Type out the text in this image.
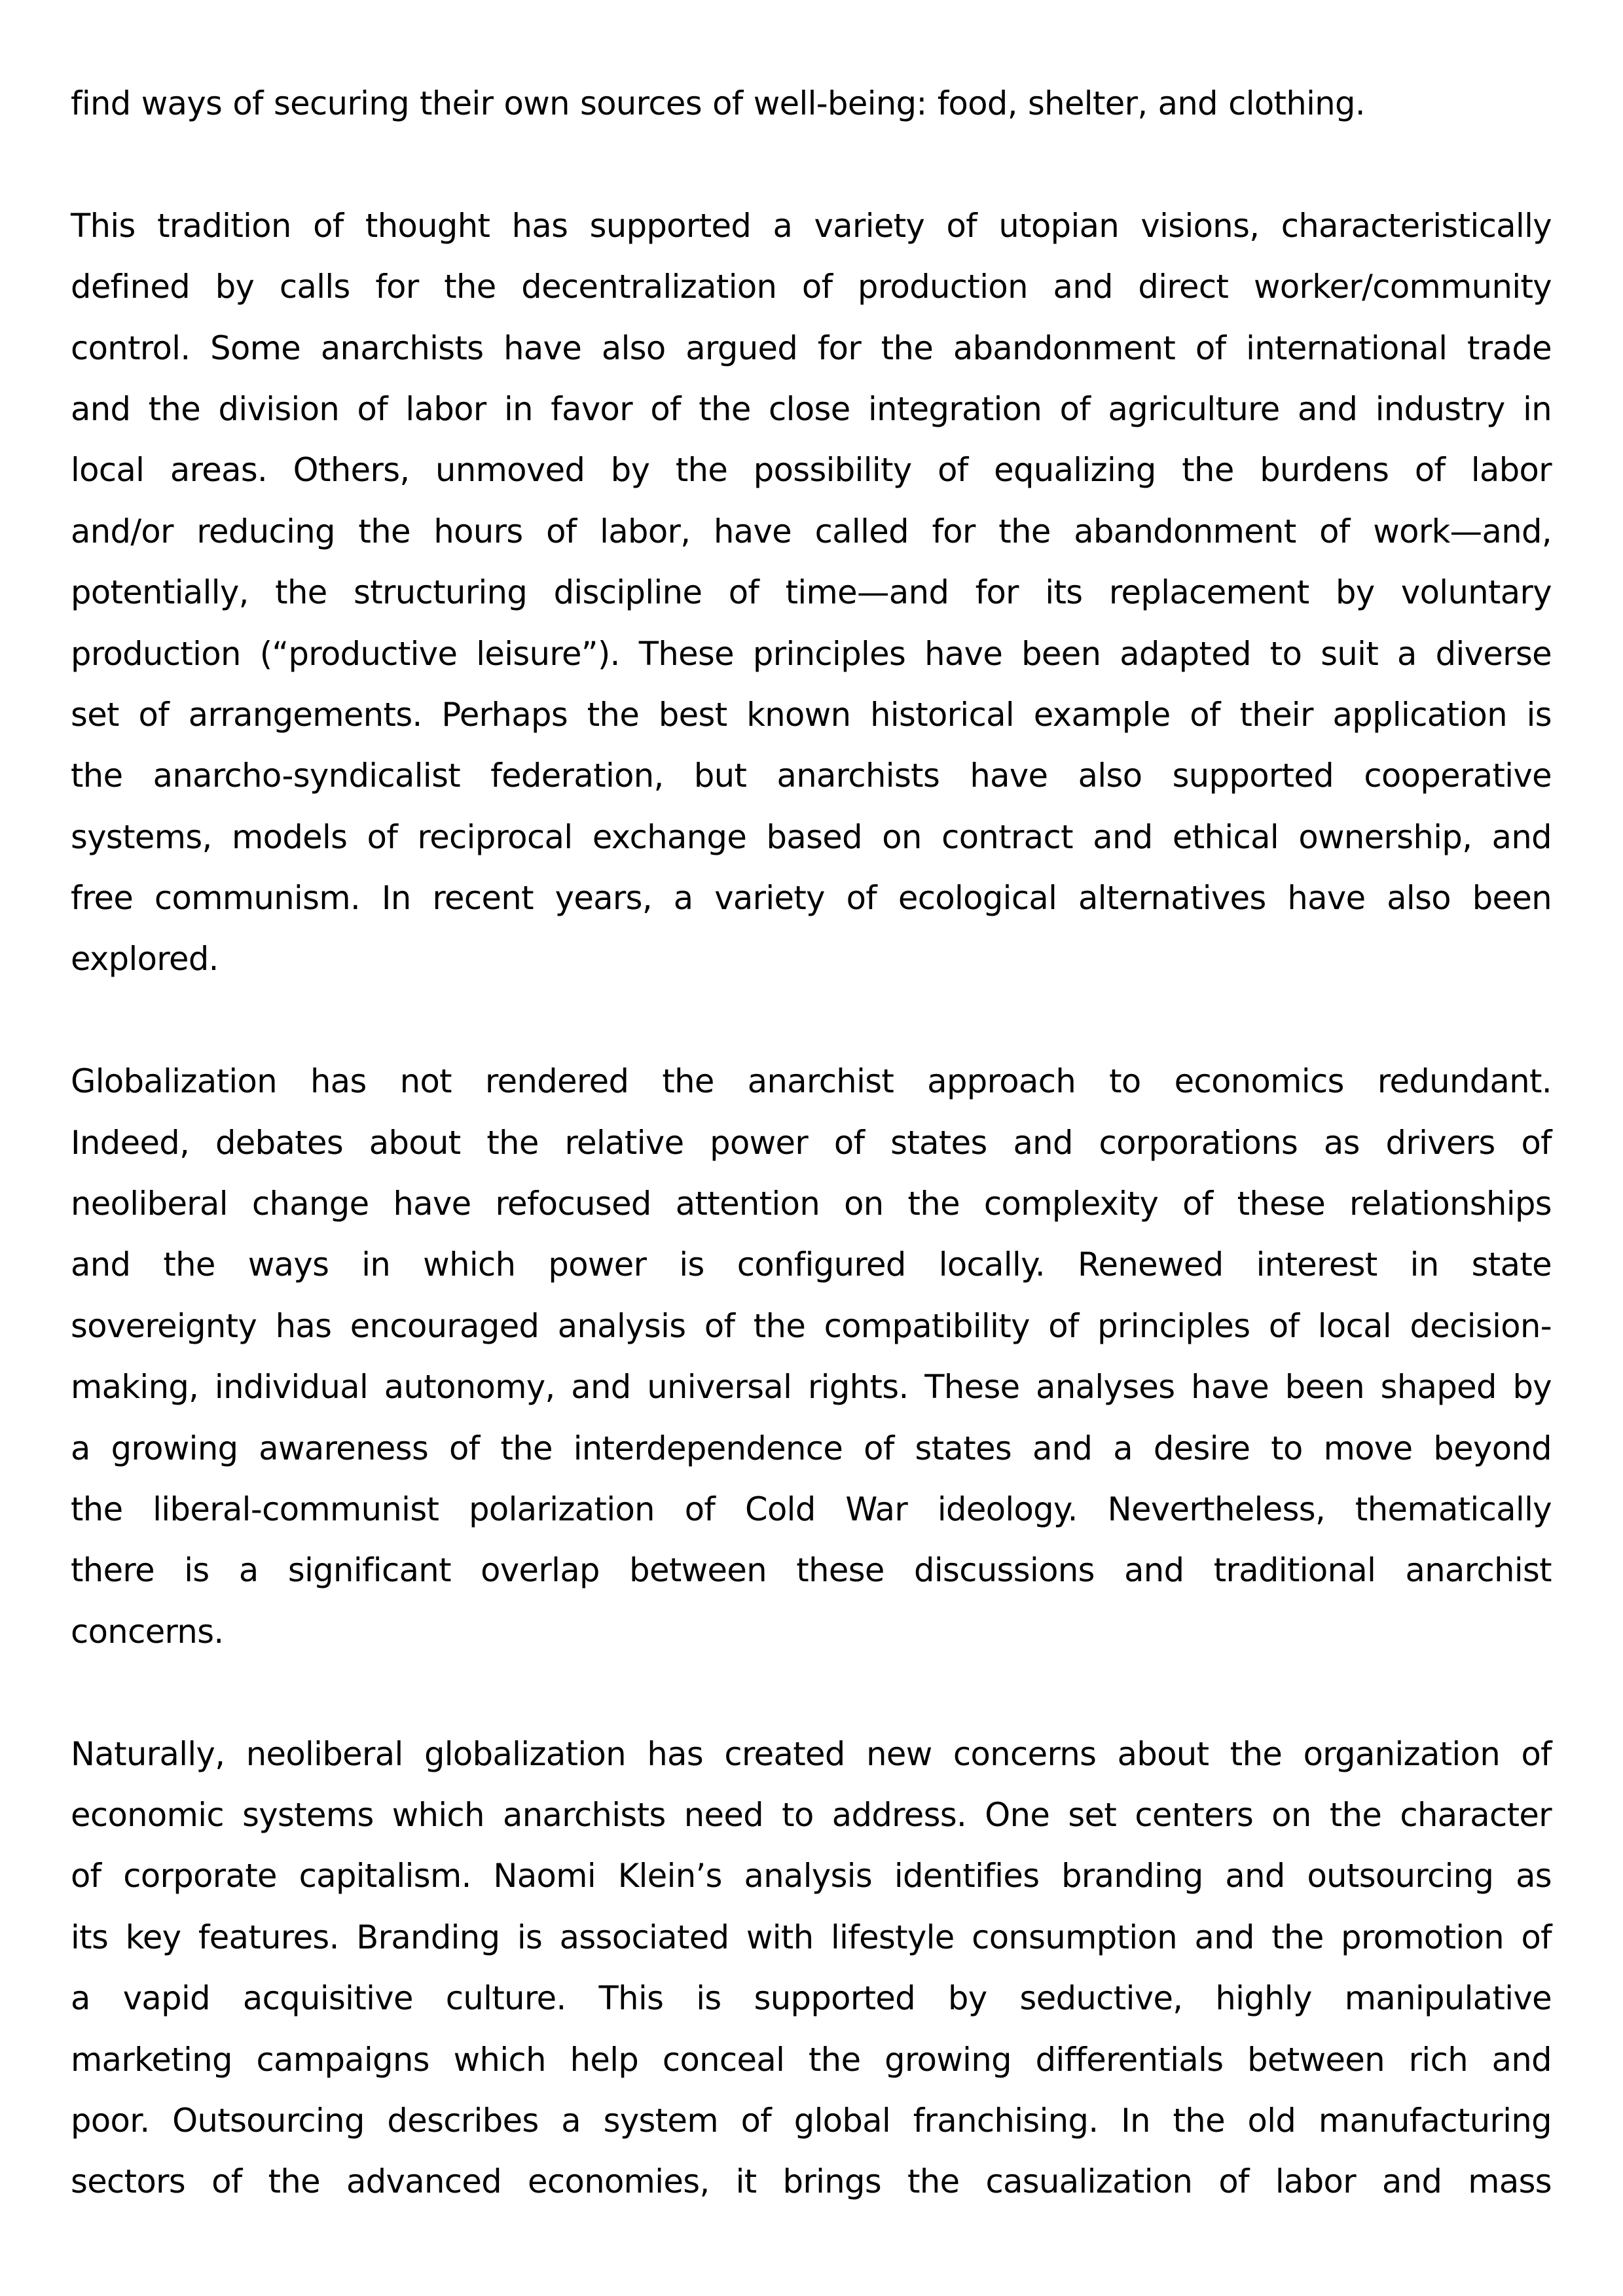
find ways of securing their own sources of well-being: food, shelter, and clothing.
This tradition of thought has supported a variety of utopian visions, characteristically
defined by calls for the decentralization of production and direct worker/community
control. Some anarchists have also argued for the abandonment of international trade
and the division of labor in favor of the close integration of agriculture and industry in
local areas. Others, unmoved by the possibility of equalizing the burdens of labor
and/or reducing the hours of labor, have called for the abandonment of work—and,
potentially, the structuring discipline of time—and for its replacement by voluntary
production (“productive leisure”). These principles have been adapted to suit a diverse
set of arrangements. Perhaps the best known historical example of their application is
the anarcho-syndicalist federation, but anarchists have also supported cooperative
systems, models of reciprocal exchange based on contract and ethical ownership, and
free communism. In recent years, a variety of ecological alternatives have also been
explored.
Globalization has not rendered the anarchist approach to economics redundant.
Indeed, debates about the relative power of states and corporations as drivers of
neoliberal change have refocused attention on the complexity of these relationships
and the ways in which power is configured locally. Renewed interest in state
sovereignty has encouraged analysis of the compatibility of principles of local decision-
making, individual autonomy, and universal rights. These analyses have been shaped by
a growing awareness of the interdependence of states and a desire to move beyond
the liberal-communist polarization of Cold War ideology. Nevertheless, thematically
there is a significant overlap between these discussions and traditional anarchist
concerns.
Naturally, neoliberal globalization has created new concerns about the organization of
economic systems which anarchists need to address. One set centers on the character
of corporate capitalism. Naomi Klein’s analysis identifies branding and outsourcing as
its key features. Branding is associated with lifestyle consumption and the promotion of
a vapid acquisitive culture. This is supported by seductive, highly manipulative
marketing campaigns which help conceal the growing differentials between rich and
poor. Outsourcing describes a system of global franchising. In the old manufacturing
sectors of the advanced economies, it brings the casualization of labor and mass
